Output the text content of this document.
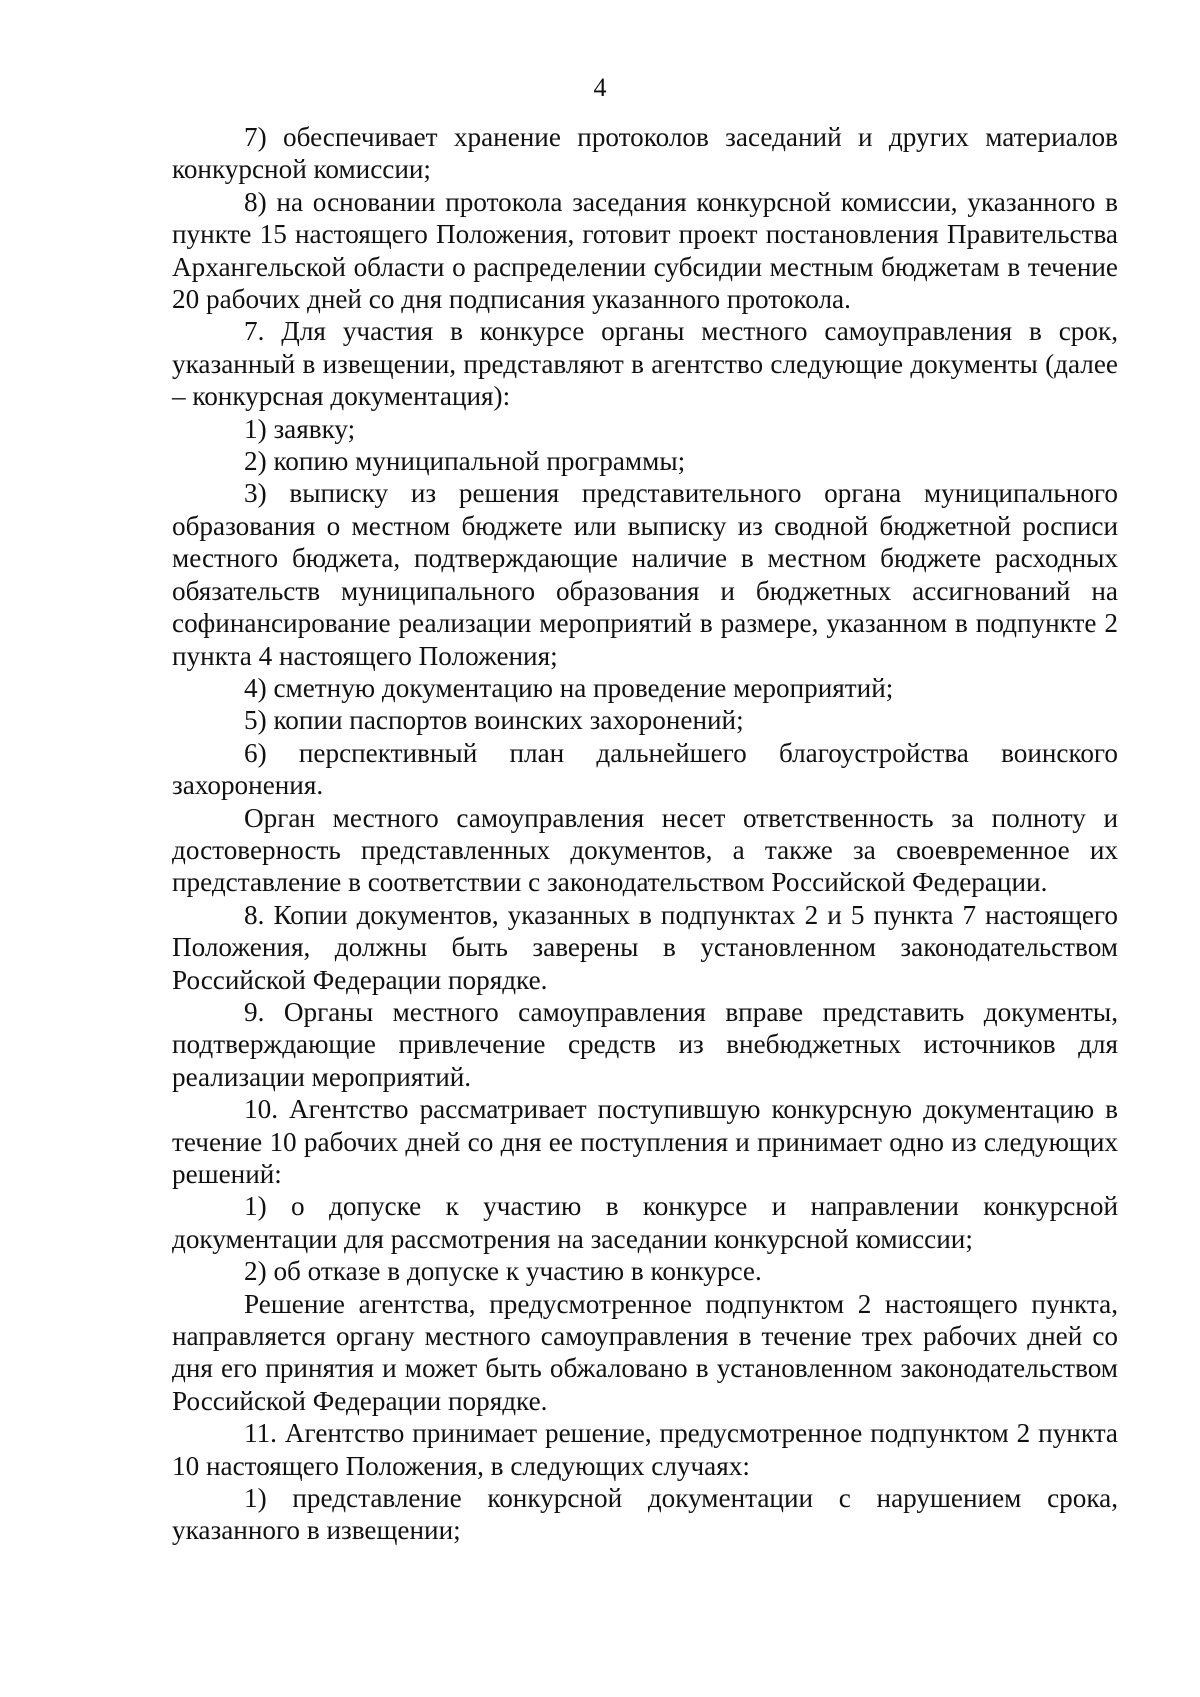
4

7) обеспечивает хранение протоколов заседаний и других материалов конкурсной комиссии;

8) на основании протокола заседания конкурсной комиссии, указанного в пункте 15 настоящего Положения, готовит проект постановления Правительства Архангельской области о распределении субсидии местным бюджетам в течение 20 рабочих дней со дня подписания указанного протокола.

7. Для участия в конкурсе органы местного самоуправления в срок, указанный в извещении, представляют в агентство следующие документы (далее – конкурсная документация):

1) заявку;

2) копию муниципальной программы;

3) выписку из решения представительного органа муниципального образования о местном бюджете или выписку из сводной бюджетной росписи местного бюджета, подтверждающие наличие в местном бюджете расходных обязательств муниципального образования и бюджетных ассигнований на софинансирование реализации мероприятий в размере, указанном в подпункте 2 пункта 4 настоящего Положения;

4) сметную документацию на проведение мероприятий;

5) копии паспортов воинских захоронений;

6) перспективный план дальнейшего благоустройства воинского захоронения.

Орган местного самоуправления несет ответственность за полноту и достоверность представленных документов, а также за своевременное их представление в соответствии с законодательством Российской Федерации.

8. Копии документов, указанных в подпунктах 2 и 5 пункта 7 настоящего Положения, должны быть заверены в установленном законодательством Российской Федерации порядке.

9. Органы местного самоуправления вправе представить документы, подтверждающие привлечение средств из внебюджетных источников для реализации мероприятий.

10. Агентство рассматривает поступившую конкурсную документацию в течение 10 рабочих дней со дня ее поступления и принимает одно из следующих решений:

1) о допуске к участию в конкурсе и направлении конкурсной документации для рассмотрения на заседании конкурсной комиссии;

2) об отказе в допуске к участию в конкурсе.

Решение агентства, предусмотренное подпунктом 2 настоящего пункта, направляется органу местного самоуправления в течение трех рабочих дней со дня его принятия и может быть обжаловано в установленном законодательством Российской Федерации порядке.

11. Агентство принимает решение, предусмотренное подпунктом 2 пункта 10 настоящего Положения, в следующих случаях:

1) представление конкурсной документации с нарушением срока, указанного в извещении;
